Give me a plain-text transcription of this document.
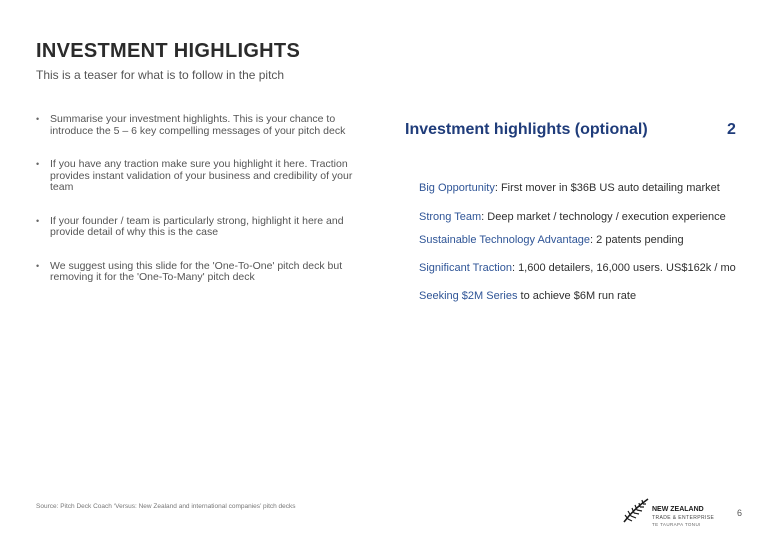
INVESTMENT HIGHLIGHTS
This is a teaser for what is to follow in the pitch
• Summarise your investment highlights. This is your chance to introduce the 5 – 6 key compelling messages of your pitch deck
• If you have any traction make sure you highlight it here. Traction provides instant validation of your business and credibility of your team
• If your founder / team is particularly strong, highlight it here and provide detail of why this is the case
• We suggest using this slide for the 'One-To-One' pitch deck but removing it for the 'One-To-Many' pitch deck
Investment highlights (optional)	2
Big Opportunity: First mover in $36B US auto detailing market
Strong Team: Deep market / technology / execution experience
Sustainable Technology Advantage: 2 patents pending
Significant Traction: 1,600 detailers, 16,000 users. US$162k / mo
Seeking $2M Series to achieve $6M run rate
Source: Pitch Deck Coach ‘Versus: New Zealand and international companies’ pitch decks	NEW ZEALAND
TRADE & ENTERPRISE
TE TAURAPA TONUI
6
